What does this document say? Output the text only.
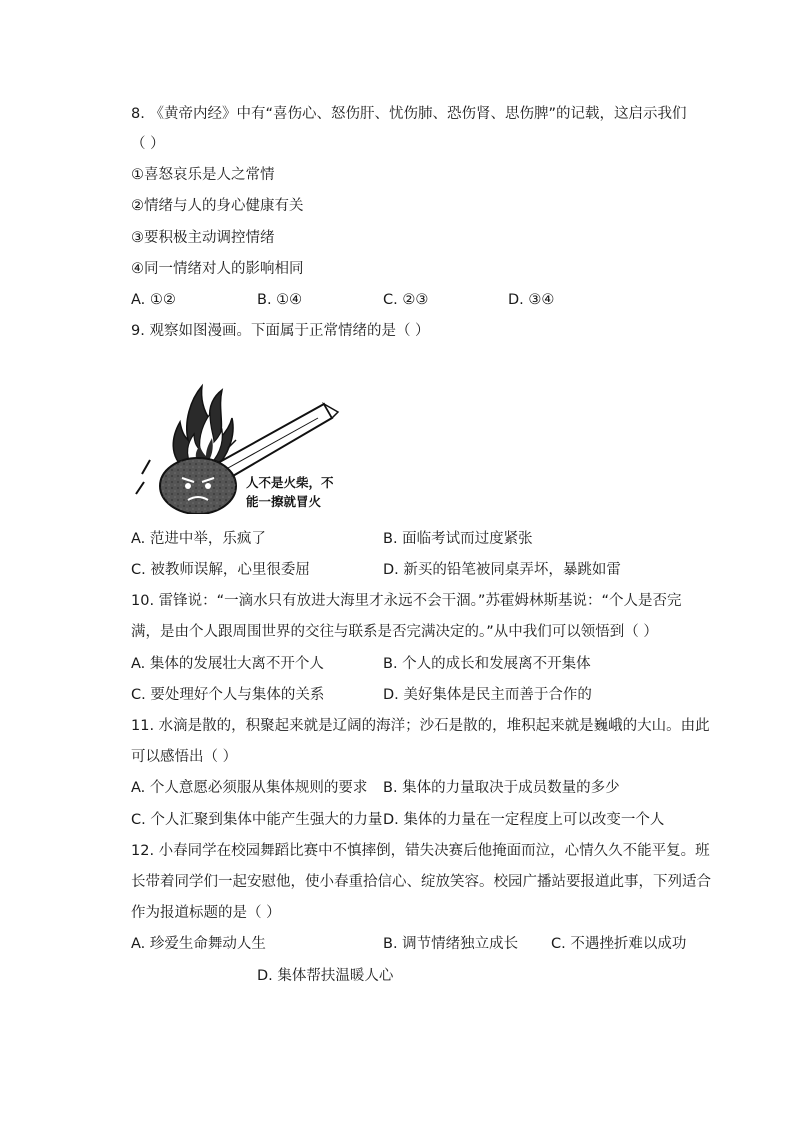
8. 《黄帝内经》中有“喜伤心、怒伤肝、忧伤肺、恐伤肾、思伤脾”的记载，这启示我们
（ ）
①喜怒哀乐是人之常情
②情绪与人的身心健康有关
③要积极主动调控情绪
④同一情绪对人的影响相同
A. ①②	B. ①④	C. ②③	D. ③④
9. 观察如图漫画。下面属于正常情绪的是（ ）
人不是火柴，不
能一擦就冒火
A. 范进中举，乐疯了	B. 面临考试而过度紧张
C. 被教师误解，心里很委屈	D. 新买的铅笔被同桌弄坏，暴跳如雷
10. 雷锋说：“一滴水只有放进大海里才永远不会干涸。”苏霍姆林斯基说：“个人是否完
满，是由个人跟周围世界的交往与联系是否完满决定的。”从中我们可以领悟到（ ）
A. 集体的发展壮大离不开个人	B. 个人的成长和发展离不开集体
C. 要处理好个人与集体的关系	D. 美好集体是民主而善于合作的
11. 水滴是散的，积聚起来就是辽阔的海洋；沙石是散的，堆积起来就是巍峨的大山。由此
可以感悟出（ ）
A. 个人意愿必须服从集体规则的要求 B. 集体的力量取决于成员数量的多少
C. 个人汇聚到集体中能产生强大的力量 D. 集体的力量在一定程度上可以改变一个人
12. 小春同学在校园舞蹈比赛中不慎摔倒，错失决赛后他掩面而泣，心情久久不能平复。班
长带着同学们一起安慰他，使小春重拾信心、绽放笑容。校园广播站要报道此事，下列适合
作为报道标题的是（ ）
A. 珍爱生命舞动人生	B. 调节情绪独立成长 C. 不遇挫折难以成功
D. 集体帮扶温暖人心
